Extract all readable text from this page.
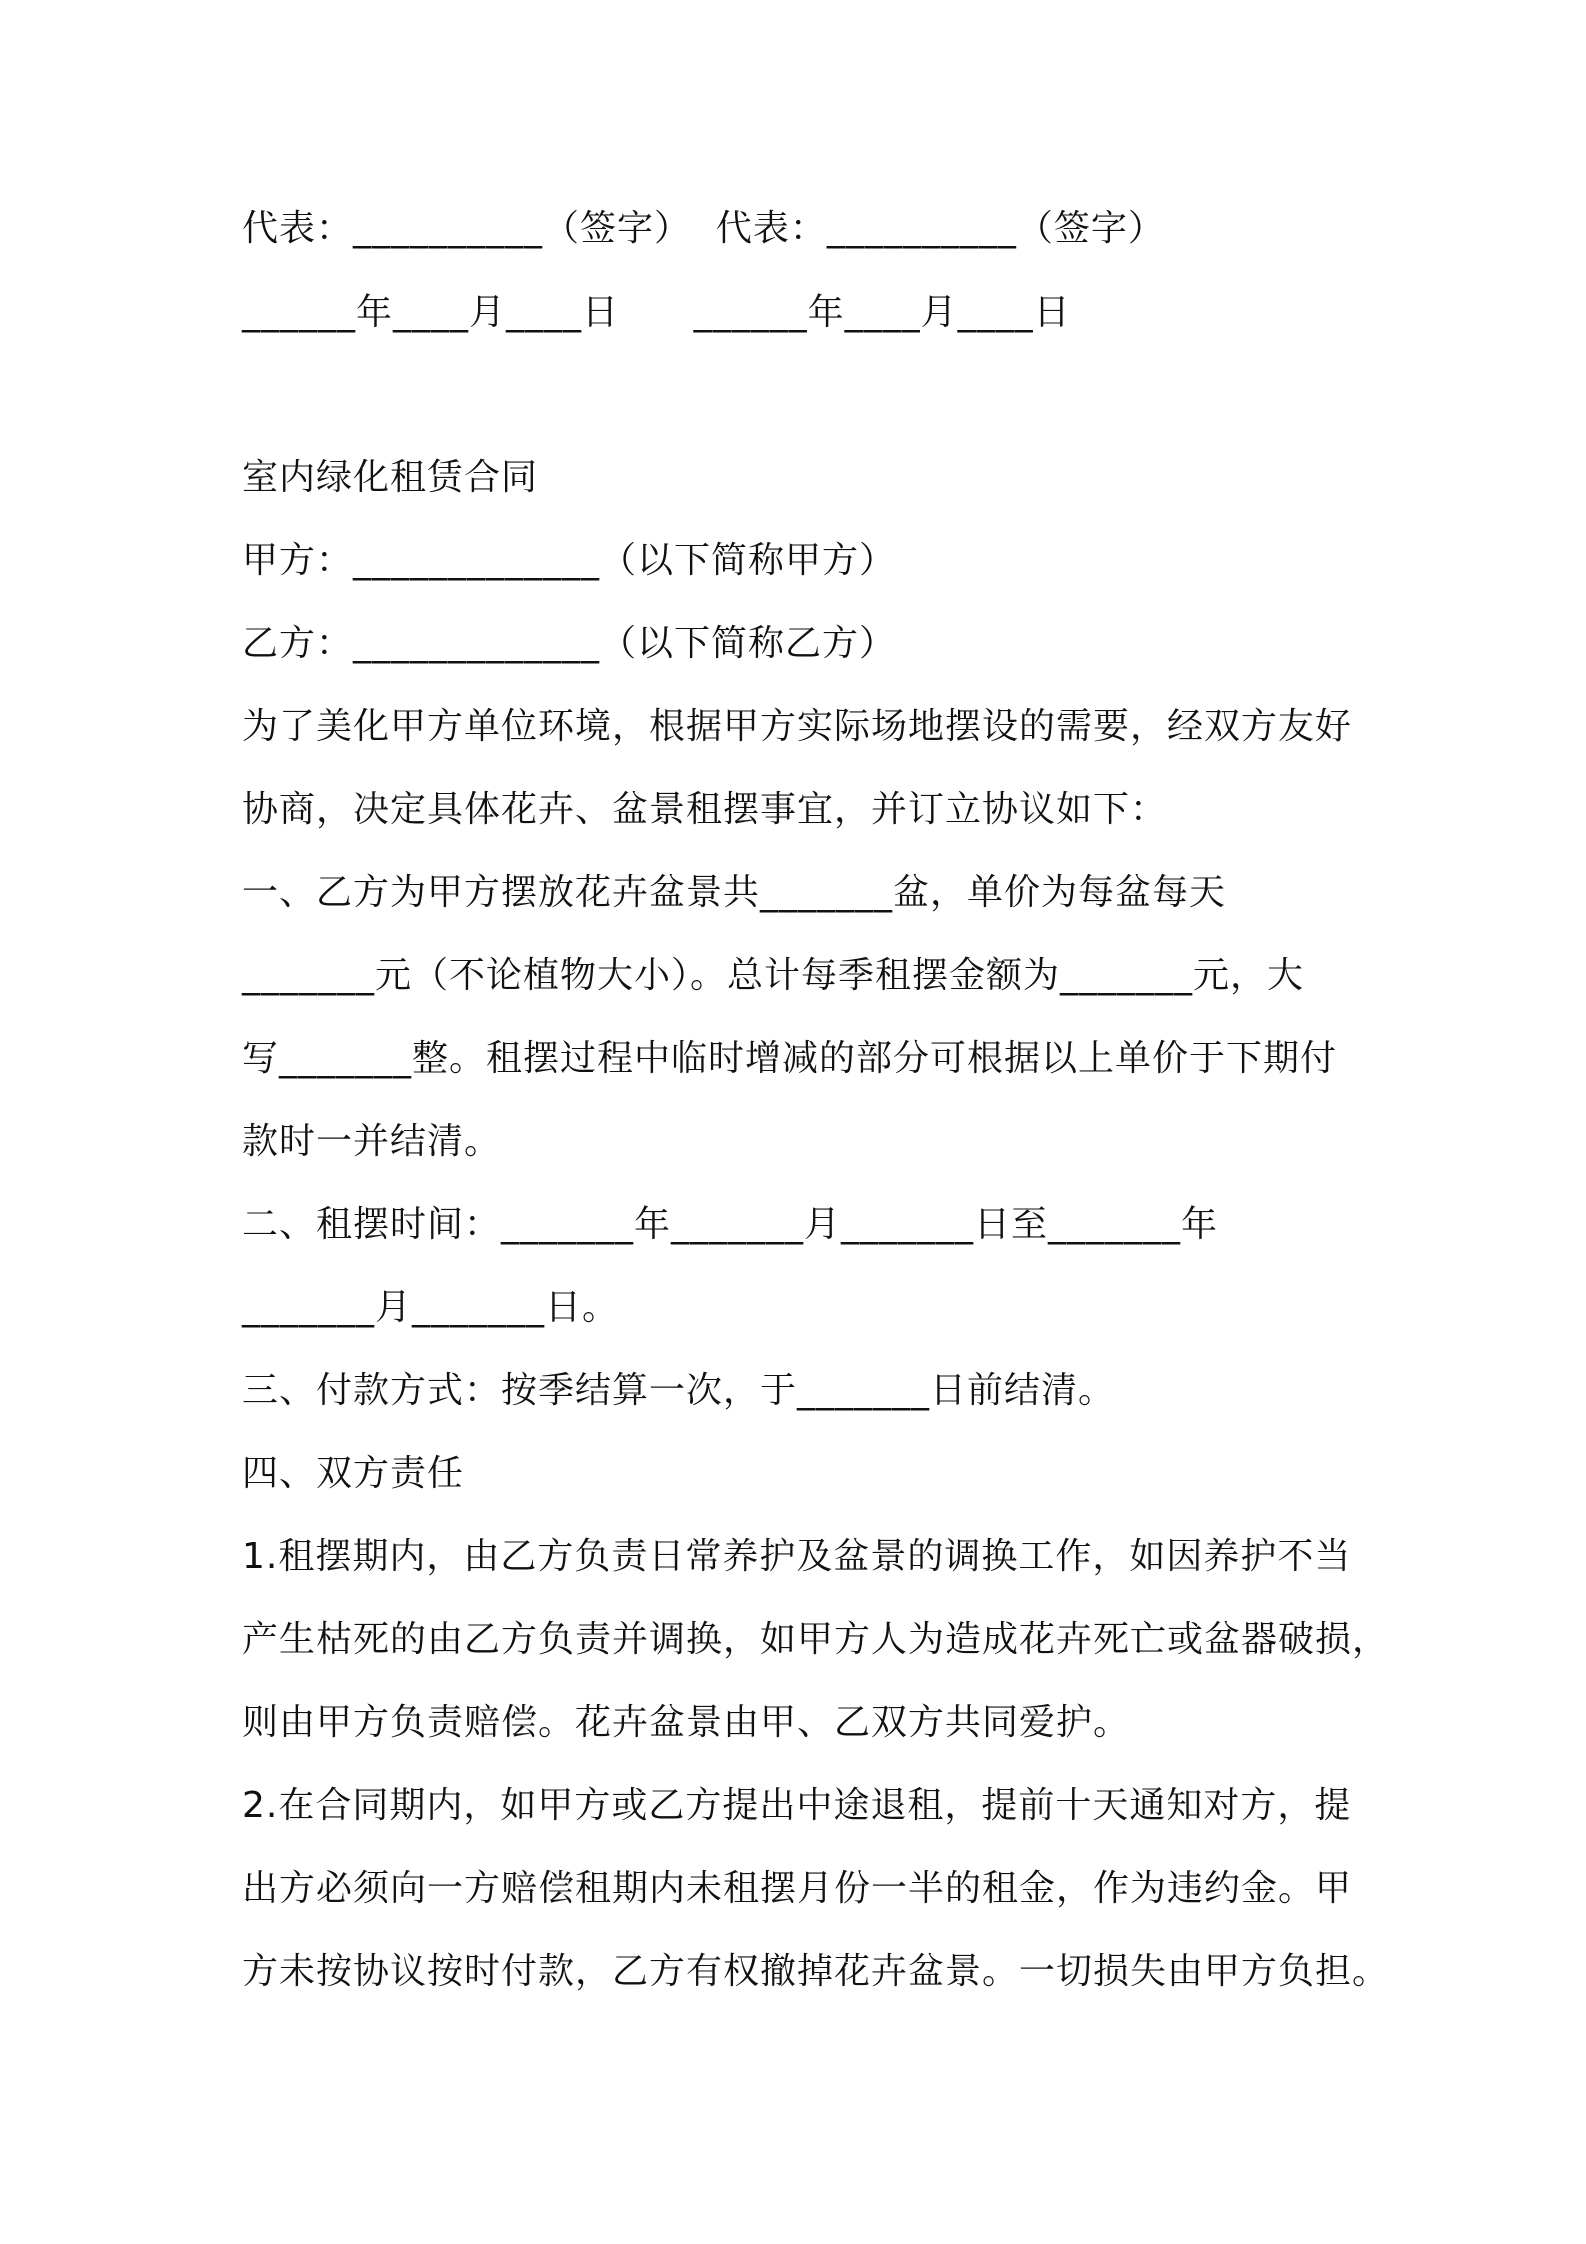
代表：__________（签字）  代表：__________（签字）
______年____月____日      ______年____月____日
室内绿化租赁合同
甲方：_____________（以下简称甲方）
乙方：_____________（以下简称乙方）
为了美化甲方单位环境，根据甲方实际场地摆设的需要，经双方友好
协商，决定具体花卉、盆景租摆事宜，并订立协议如下：
一、乙方为甲方摆放花卉盆景共_______盆，单价为每盆每天
_______元（不论植物大小）。总计每季租摆金额为_______元，大
写_______整。租摆过程中临时增减的部分可根据以上单价于下期付
款时一并结清。
二、租摆时间：_______年_______月_______日至_______年
_______月_______日。
三、付款方式：按季结算一次，于_______日前结清。
四、双方责任
1.租摆期内，由乙方负责日常养护及盆景的调换工作，如因养护不当
产生枯死的由乙方负责并调换，如甲方人为造成花卉死亡或盆器破损，
则由甲方负责赔偿。花卉盆景由甲、乙双方共同爱护。
2.在合同期内，如甲方或乙方提出中途退租，提前十天通知对方，提
出方必须向一方赔偿租期内未租摆月份一半的租金，作为违约金。甲
方未按协议按时付款，乙方有权撤掉花卉盆景。一切损失由甲方负担。
